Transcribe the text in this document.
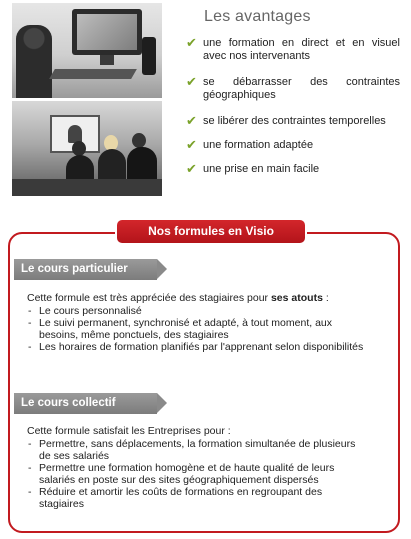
Les avantages
✔ une formation en direct et en visuel avec nos intervenants
✔ se débarrasser des contraintes géographiques
✔ se libérer des contraintes temporelles
✔ une formation adaptée
✔ une prise en main facile
Nos formules en Visio
Le cours particulier

Cette formule est très appréciée des stagiaires pour ses atouts :

- Le cours personnalisé
- Le suivi permanent, synchronisé et adapté, à tout moment, aux besoins, même ponctuels, des stagiaires
- Les horaires de formation planifiés par l'apprenant selon disponibilités
Le cours collectif

Cette formule satisfait les Entreprises pour :

- Permettre, sans déplacements, la formation simultanée de plusieurs de ses salariés
- Permettre une formation homogène et de haute qualité de leurs salariés en poste sur des sites géographiquement dispersés
- Réduire et amortir les coûts de formations en regroupant des stagiaires
